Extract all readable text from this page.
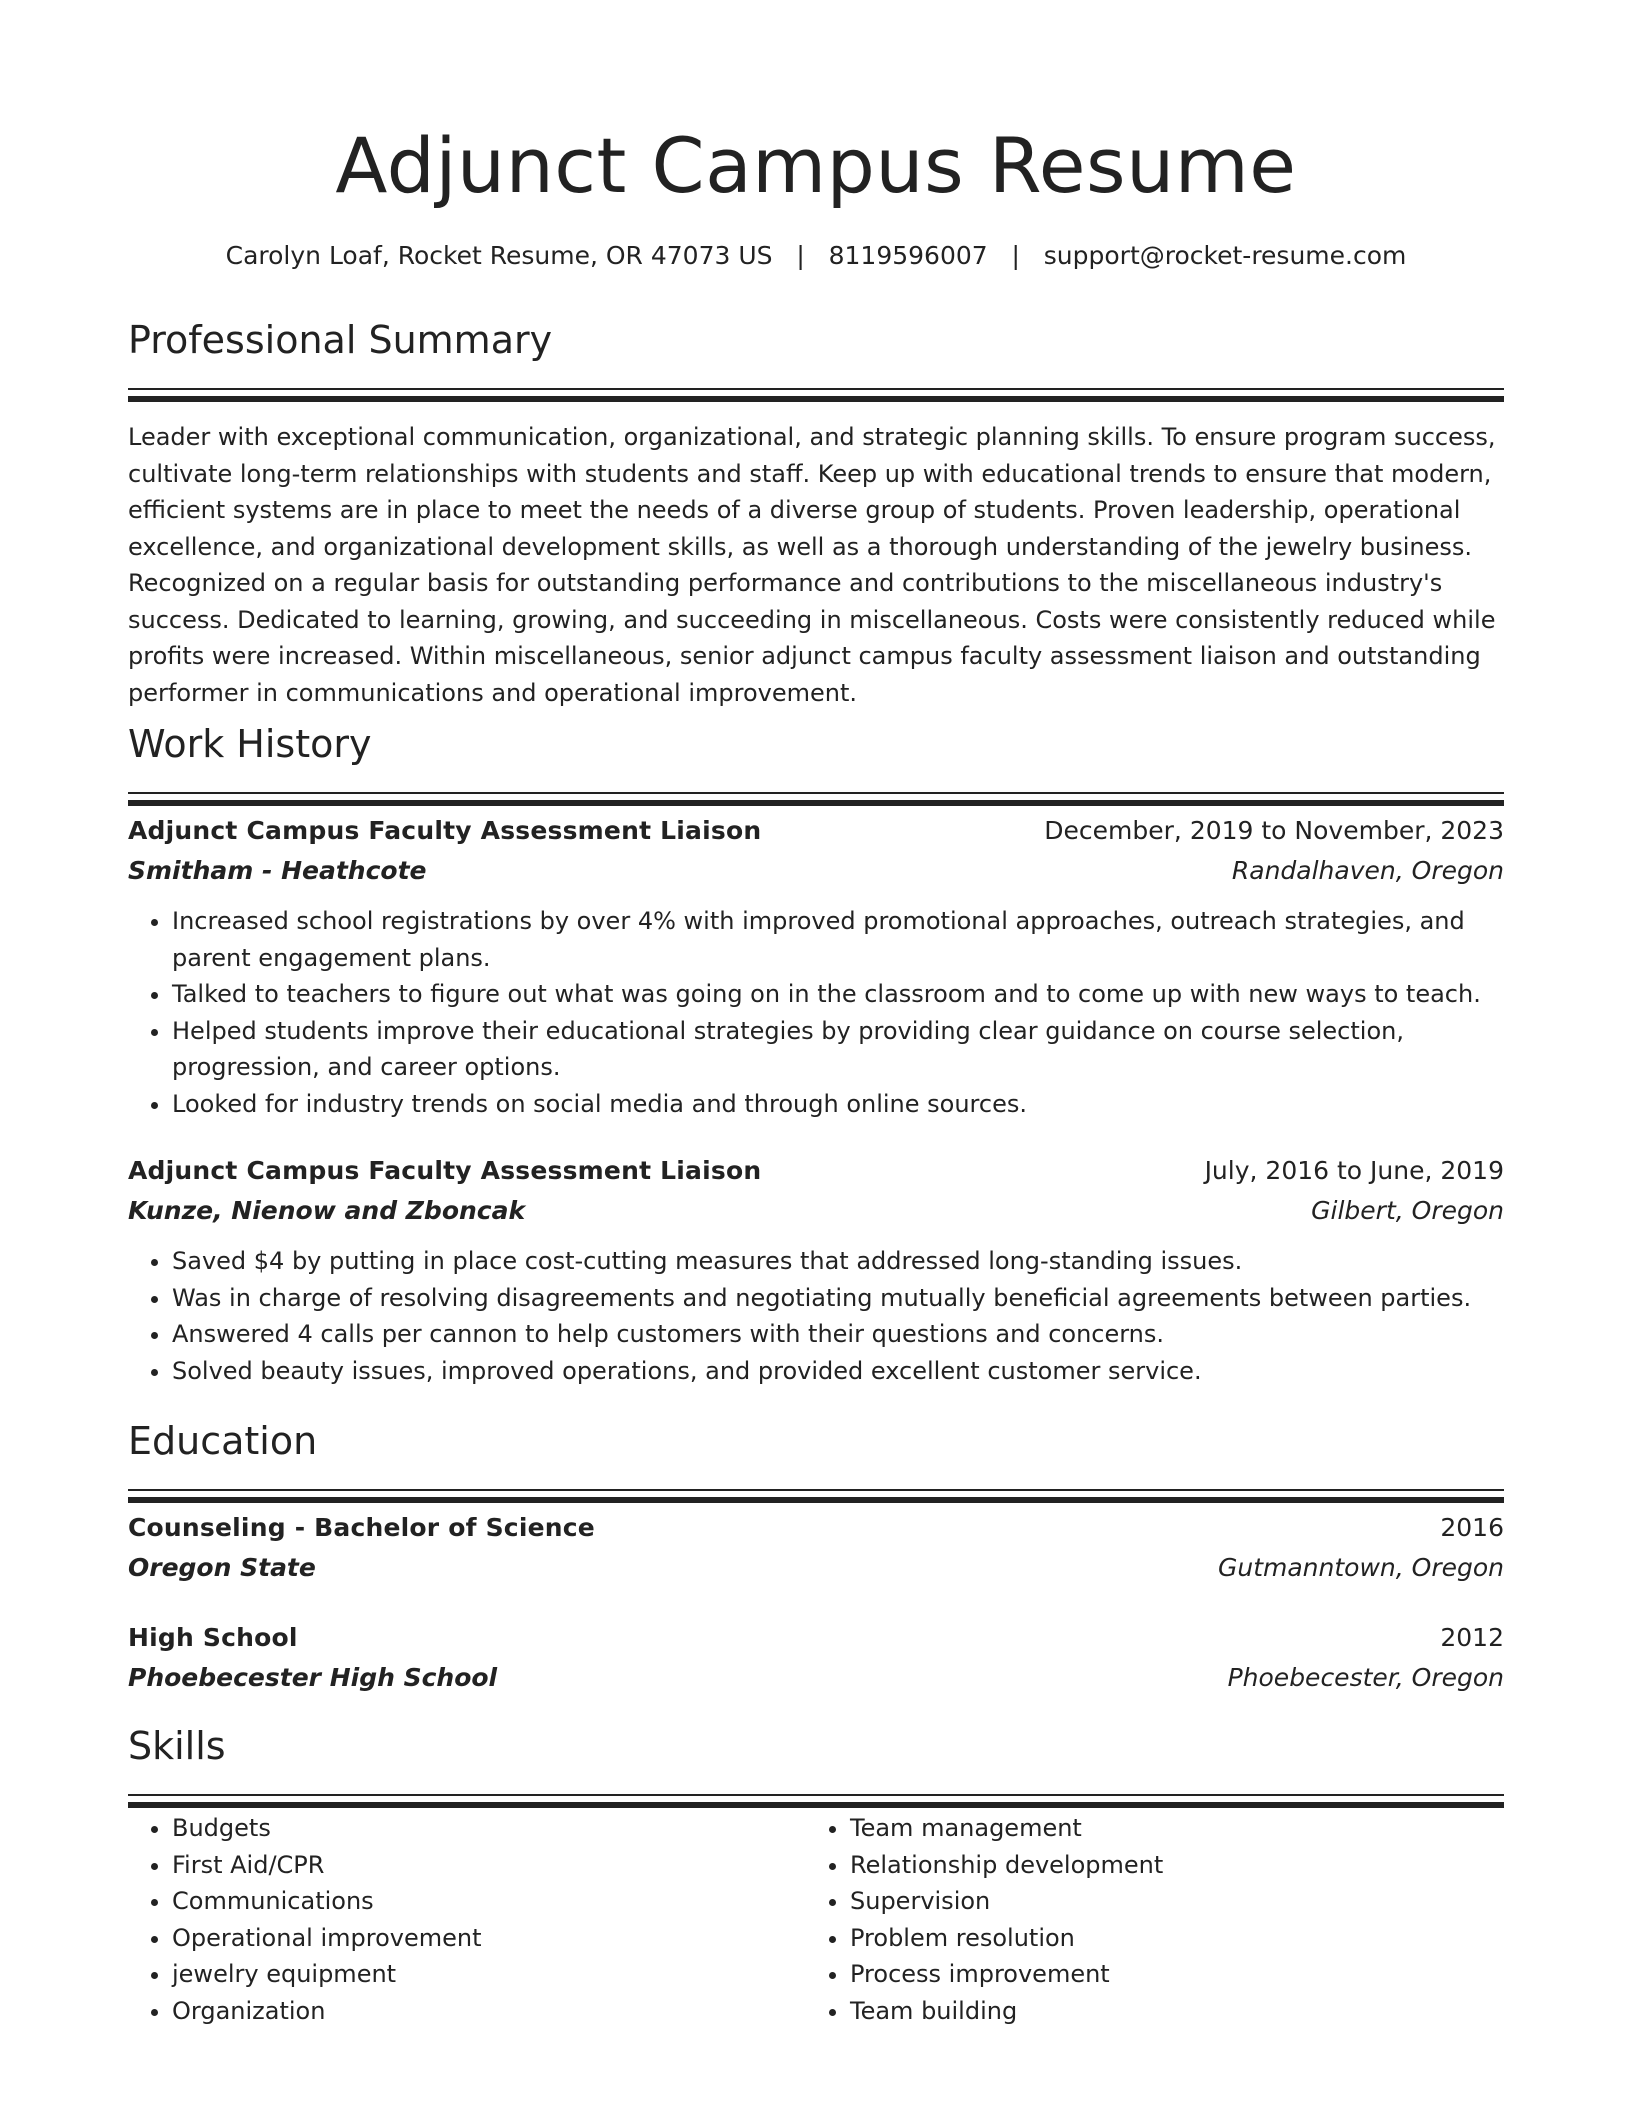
Adjunct Campus Resume
Carolyn Loaf, Rocket Resume, OR 47073 US   |   8119596007   |   support@rocket-resume.com
Professional Summary
Leader with exceptional communication, organizational, and strategic planning skills. To ensure program success, cultivate long-term relationships with students and staff. Keep up with educational trends to ensure that modern, efficient systems are in place to meet the needs of a diverse group of students. Proven leadership, operational excellence, and organizational development skills, as well as a thorough understanding of the jewelry business. Recognized on a regular basis for outstanding performance and contributions to the miscellaneous industry's success. Dedicated to learning, growing, and succeeding in miscellaneous. Costs were consistently reduced while profits were increased. Within miscellaneous, senior adjunct campus faculty assessment liaison and outstanding performer in communications and operational improvement.
Work History
Adjunct Campus Faculty Assessment Liaison	December, 2019 to November, 2023
Smitham - Heathcote	Randalhaven, Oregon
• Increased school registrations by over 4% with improved promotional approaches, outreach strategies, and parent engagement plans.
• Talked to teachers to figure out what was going on in the classroom and to come up with new ways to teach.
• Helped students improve their educational strategies by providing clear guidance on course selection, progression, and career options.
• Looked for industry trends on social media and through online sources.
Adjunct Campus Faculty Assessment Liaison	July, 2016 to June, 2019
Kunze, Nienow and Zboncak	Gilbert, Oregon
• Saved $4 by putting in place cost-cutting measures that addressed long-standing issues.
• Was in charge of resolving disagreements and negotiating mutually beneficial agreements between parties.
• Answered 4 calls per cannon to help customers with their questions and concerns.
• Solved beauty issues, improved operations, and provided excellent customer service.
Education
Counseling - Bachelor of Science	2016
Oregon State	Gutmanntown, Oregon
High School	2012
Phoebecester High School	Phoebecester, Oregon
Skills
• Budgets
• First Aid/CPR
• Communications
• Operational improvement
• jewelry equipment
• Organization
• Team management
• Relationship development
• Supervision
• Problem resolution
• Process improvement
• Team building
